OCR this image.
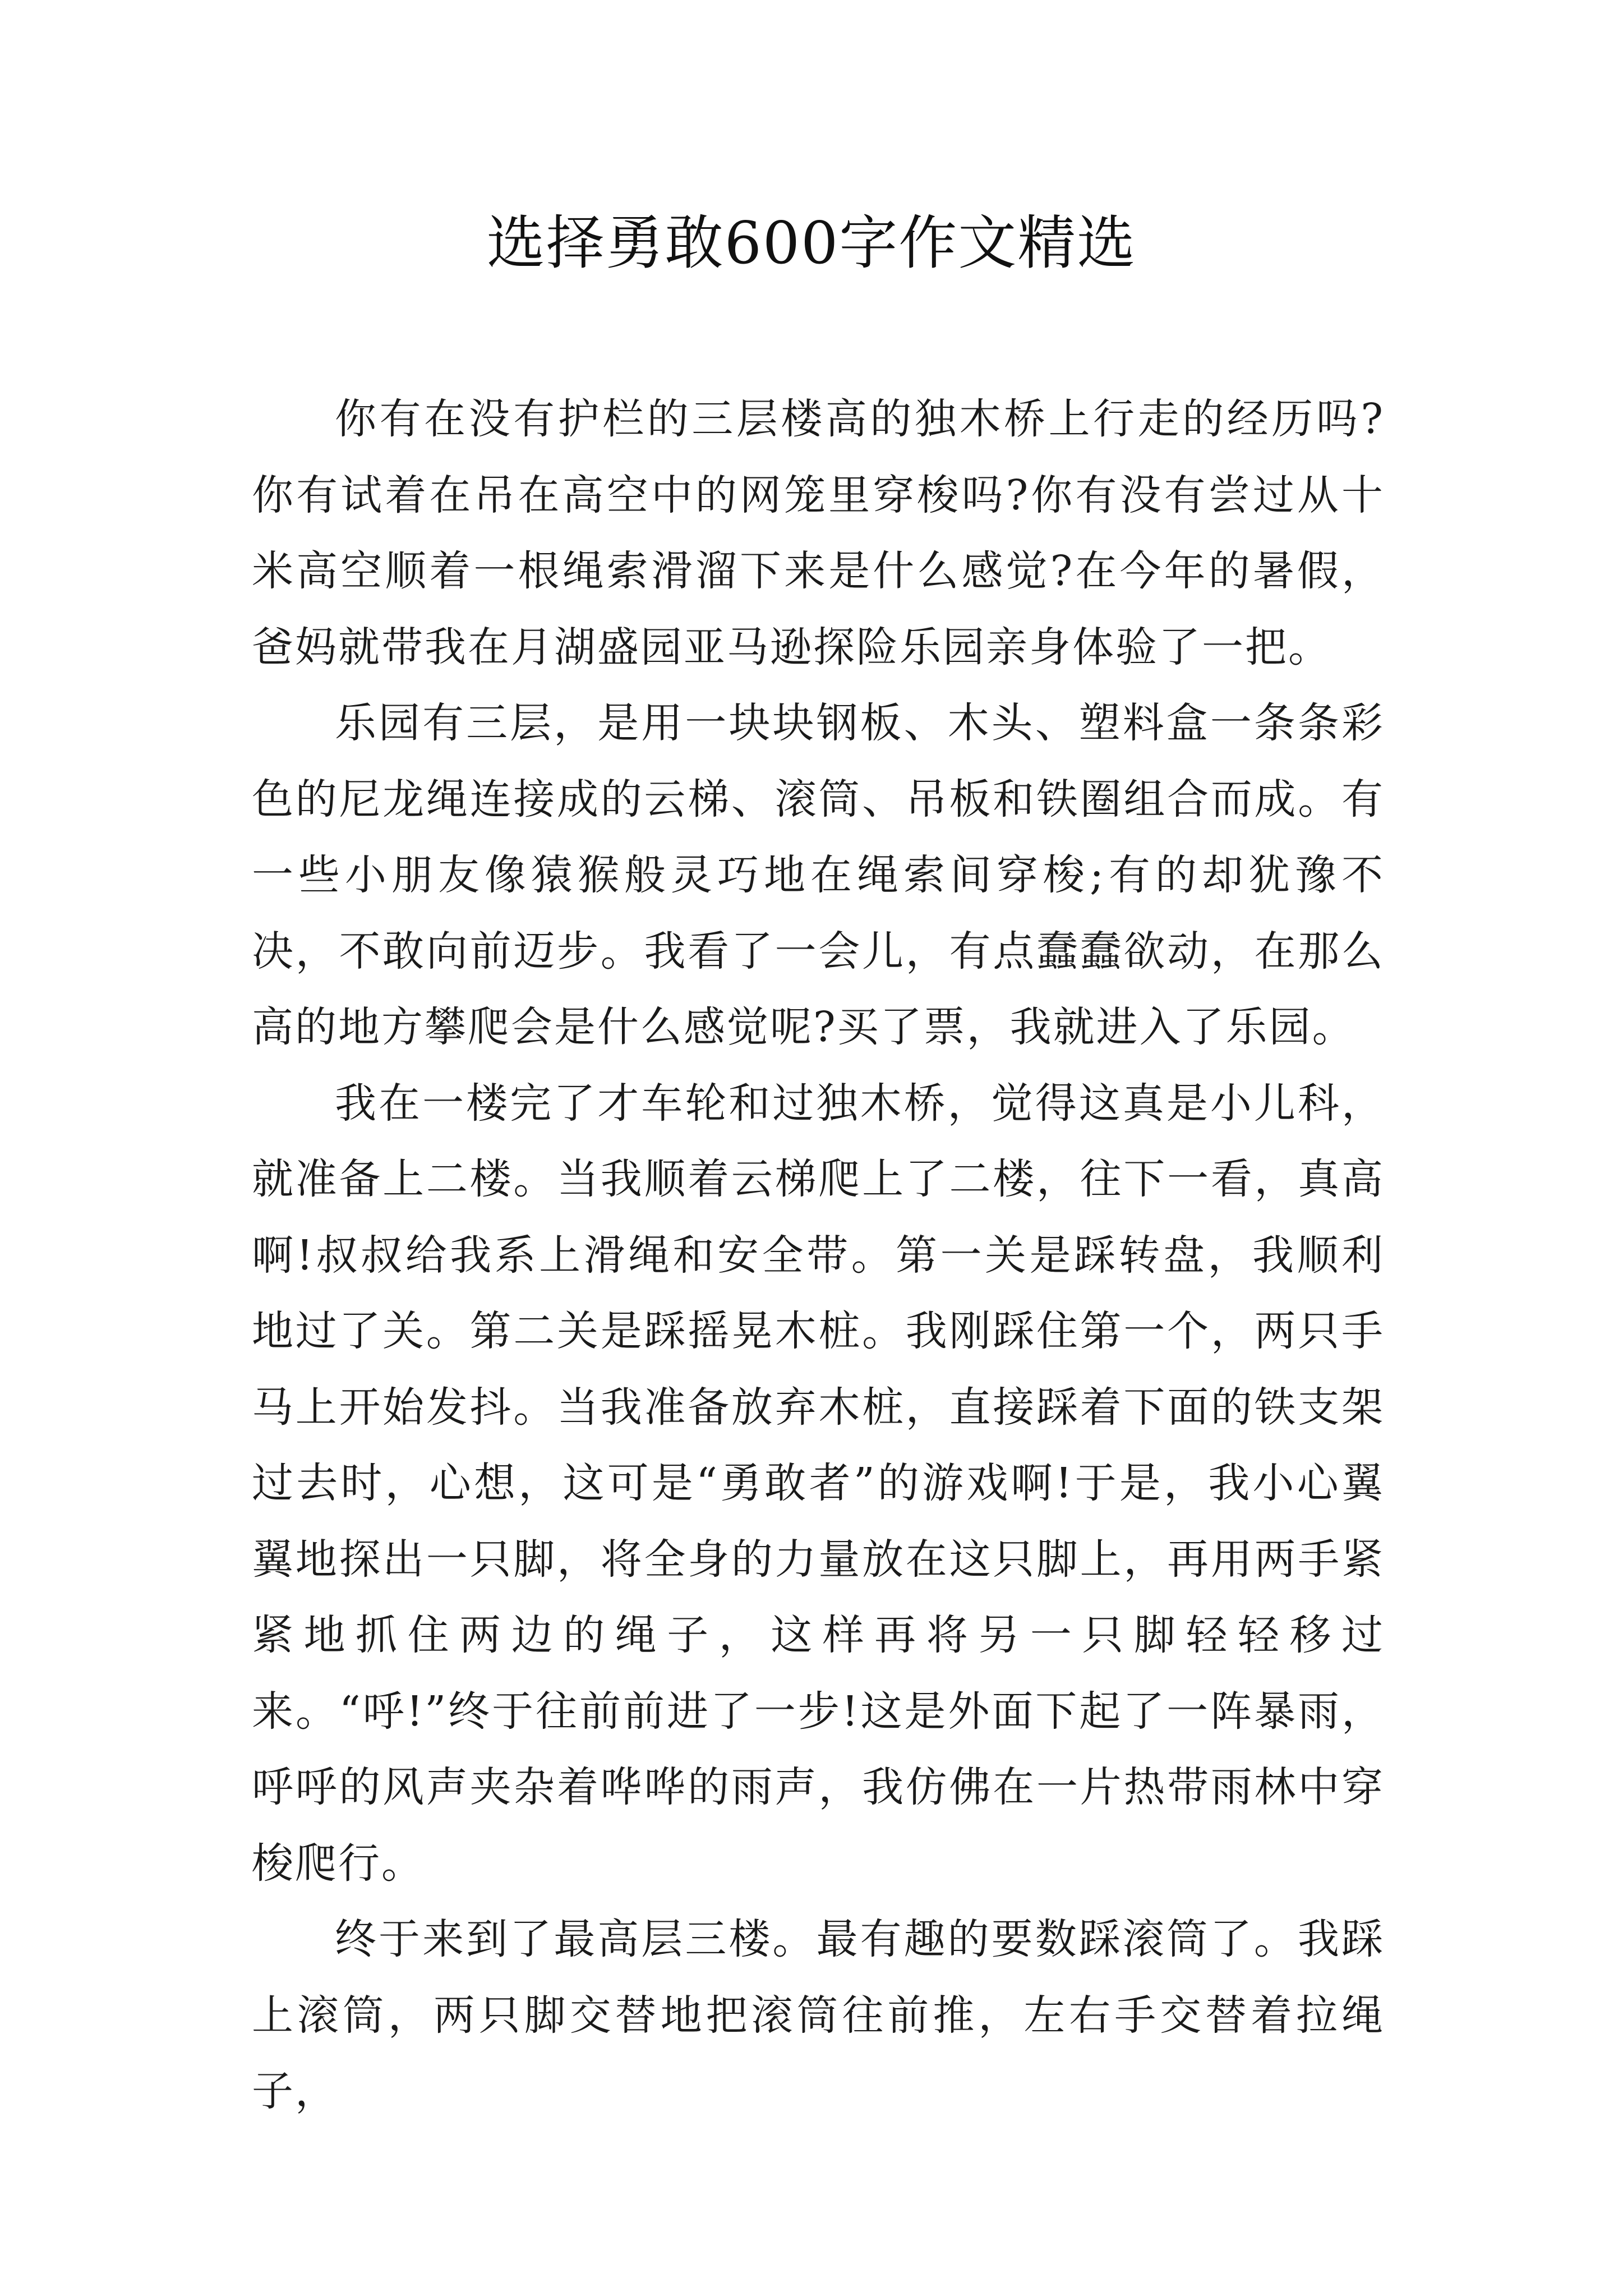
选择勇敢600字作文精选

你有在没有护栏的三层楼高的独木桥上行走的经历吗?你有试着在吊在高空中的网笼里穿梭吗?你有没有尝过从十米高空顺着一根绳索滑溜下来是什么感觉?在今年的暑假，爸妈就带我在月湖盛园亚马逊探险乐园亲身体验了一把。

乐园有三层，是用一块块钢板、木头、塑料盒一条条彩色的尼龙绳连接成的云梯、滚筒、吊板和铁圈组合而成。有一些小朋友像猿猴般灵巧地在绳索间穿梭;有的却犹豫不决，不敢向前迈步。我看了一会儿，有点蠢蠢欲动，在那么高的地方攀爬会是什么感觉呢?买了票，我就进入了乐园。

我在一楼完了才车轮和过独木桥，觉得这真是小儿科，就准备上二楼。当我顺着云梯爬上了二楼，往下一看，真高啊!叔叔给我系上滑绳和安全带。第一关是踩转盘，我顺利地过了关。第二关是踩摇晃木桩。我刚踩住第一个，两只手马上开始发抖。当我准备放弃木桩，直接踩着下面的铁支架过去时，心想，这可是“勇敢者”的游戏啊!于是，我小心翼翼地探出一只脚，将全身的力量放在这只脚上，再用两手紧紧地抓住两边的绳子，这样再将另一只脚轻轻移过来。“呼!”终于往前前进了一步!这是外面下起了一阵暴雨，呼呼的风声夹杂着哗哗的雨声，我仿佛在一片热带雨林中穿梭爬行。

终于来到了最高层三楼。最有趣的要数踩滚筒了。我踩上滚筒，两只脚交替地把滚筒往前推，左右手交替着拉绳子，
